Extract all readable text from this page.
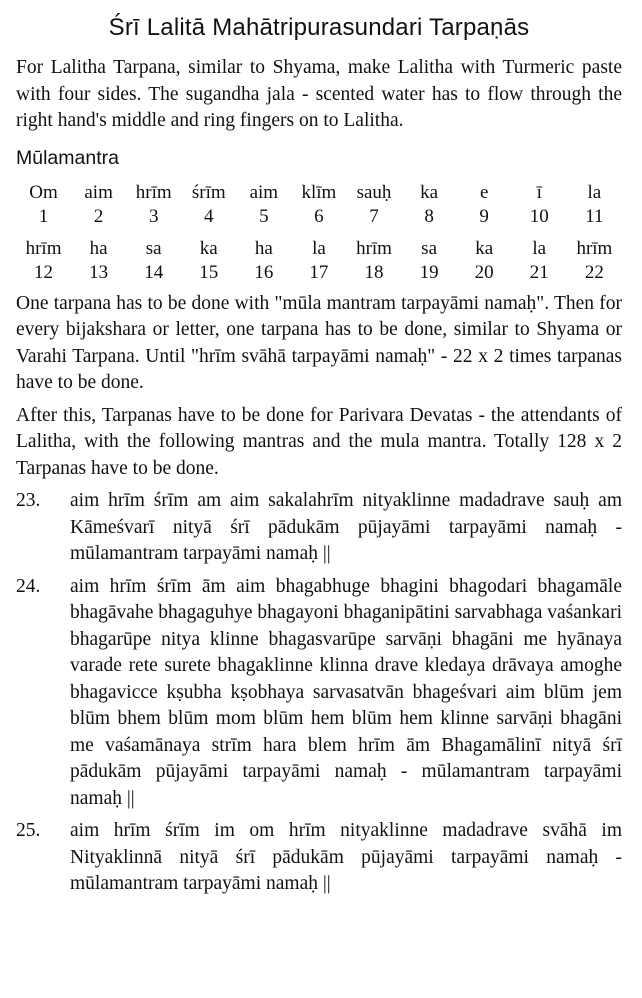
Śrī Lalitā Mahātripurasundari Tarpaṇās

For Lalitha Tarpana, similar to Shyama, make Lalitha with Turmeric paste with four sides. The sugandha jala - scented water has to flow through the right hand's middle and ring fingers on to Lalitha.

Mūlamantra
Om	aim	hrīm	śrīm	aim	klīm	sauḥ	ka	e	ī	la
1	2	3	4	5	6	7	8	9	10	11
hrīm	ha	sa	ka	ha	la	hrīm	sa	ka	la	hrīm
12	13	14	15	16	17	18	19	20	21	22

One tarpana has to be done with "mūla mantram tarpayāmi namaḥ". Then for every bijakshara or letter, one tarpana has to be done, similar to Shyama or Varahi Tarpana. Until "hrīm svāhā tarpayāmi namaḥ" - 22 x 2 times tarpanas have to be done.

After this, Tarpanas have to be done for Parivara Devatas - the attendants of Lalitha, with the following mantras and the mula mantra. Totally 128 x 2 Tarpanas have to be done.

23.	aim hrīm śrīm am aim sakalahrīm nityaklinne madadrave sauḥ am Kāmeśvarī nityā śrī pādukām pūjayāmi tarpayāmi namaḥ - mūlamantram tarpayāmi namaḥ ||
24.	aim hrīm śrīm ām aim bhagabhuge bhagini bhagodari bhagamāle bhagāvahe bhagaguhye bhagayoni bhaganipātini sarvabhaga vaśankari bhagarūpe nitya klinne bhagasvarūpe sarvāṇi bhagāni me hyānaya varade rete surete bhagaklinne klinna drave kledaya drāvaya amoghe bhagavicce kṣubha kṣobhaya sarvasatvān bhageśvari aim blūm jem blūm bhem blūm mom blūm hem blūm hem klinne sarvāṇi bhagāni me vaśamānaya strīm hara blem hrīm ām Bhagamālinī nityā śrī pādukām pūjayāmi tarpayāmi namaḥ - mūlamantram tarpayāmi namaḥ ||
25.	aim hrīm śrīm im om hrīm nityaklinne madadrave svāhā im Nityaklinnā nityā śrī pādukām pūjayāmi tarpayāmi namaḥ - mūlamantram tarpayāmi namaḥ ||
